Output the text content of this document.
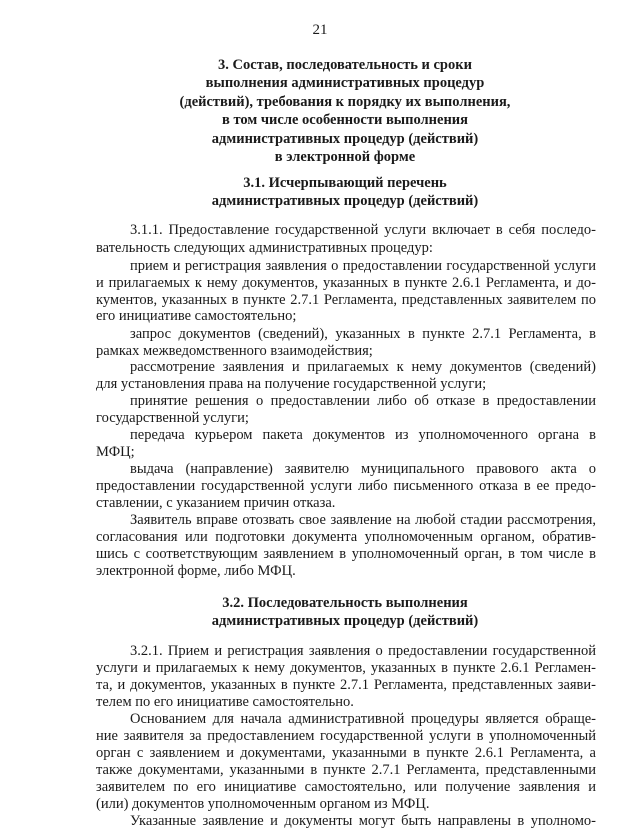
21
3. Состав, последовательность и сроки
выполнения административных процедур
(действий), требования к порядку их выполнения,
в том числе особенности выполнения
административных процедур (действий)
в электронной форме
3.1. Исчерпывающий перечень
административных процедур (действий)
3.1.1. Предоставление государственной услуги включает в себя последо-
вательность следующих административных процедур:
прием и регистрация заявления о предоставлении государственной услуги
и прилагаемых к нему документов, указанных в пункте 2.6.1 Регламента, и до-
кументов, указанных в пункте 2.7.1 Регламента, представленных заявителем по
его инициативе самостоятельно;
запрос документов (сведений), указанных в пункте 2.7.1 Регламента, в
рамках межведомственного взаимодействия;
рассмотрение заявления и прилагаемых к нему документов (сведений)
для установления права на получение государственной услуги;
принятие решения о предоставлении либо об отказе в предоставлении
государственной услуги;
передача курьером пакета документов из уполномоченного органа в
МФЦ;
выдача (направление) заявителю муниципального правового акта о
предоставлении государственной услуги либо письменного отказа в ее предо-
ставлении, с указанием причин отказа.
Заявитель вправе отозвать свое заявление на любой стадии рассмотрения,
согласования или подготовки документа уполномоченным органом, обратив-
шись с соответствующим заявлением в уполномоченный орган, в том числе в
электронной форме, либо МФЦ.
3.2. Последовательность выполнения
административных процедур (действий)
3.2.1. Прием и регистрация заявления о предоставлении государственной
услуги и прилагаемых к нему документов, указанных в пункте 2.6.1 Регламен-
та, и документов, указанных в пункте 2.7.1 Регламента, представленных заяви-
телем по его инициативе самостоятельно.
Основанием для начала административной процедуры является обраще-
ние заявителя за предоставлением государственной услуги в уполномоченный
орган с заявлением и документами, указанными в пункте 2.6.1 Регламента, а
также документами, указанными в пункте 2.7.1 Регламента, представленными
заявителем по его инициативе самостоятельно, или получение заявления и
(или) документов уполномоченным органом из МФЦ.
Указанные заявление и документы могут быть направлены в уполномо-
